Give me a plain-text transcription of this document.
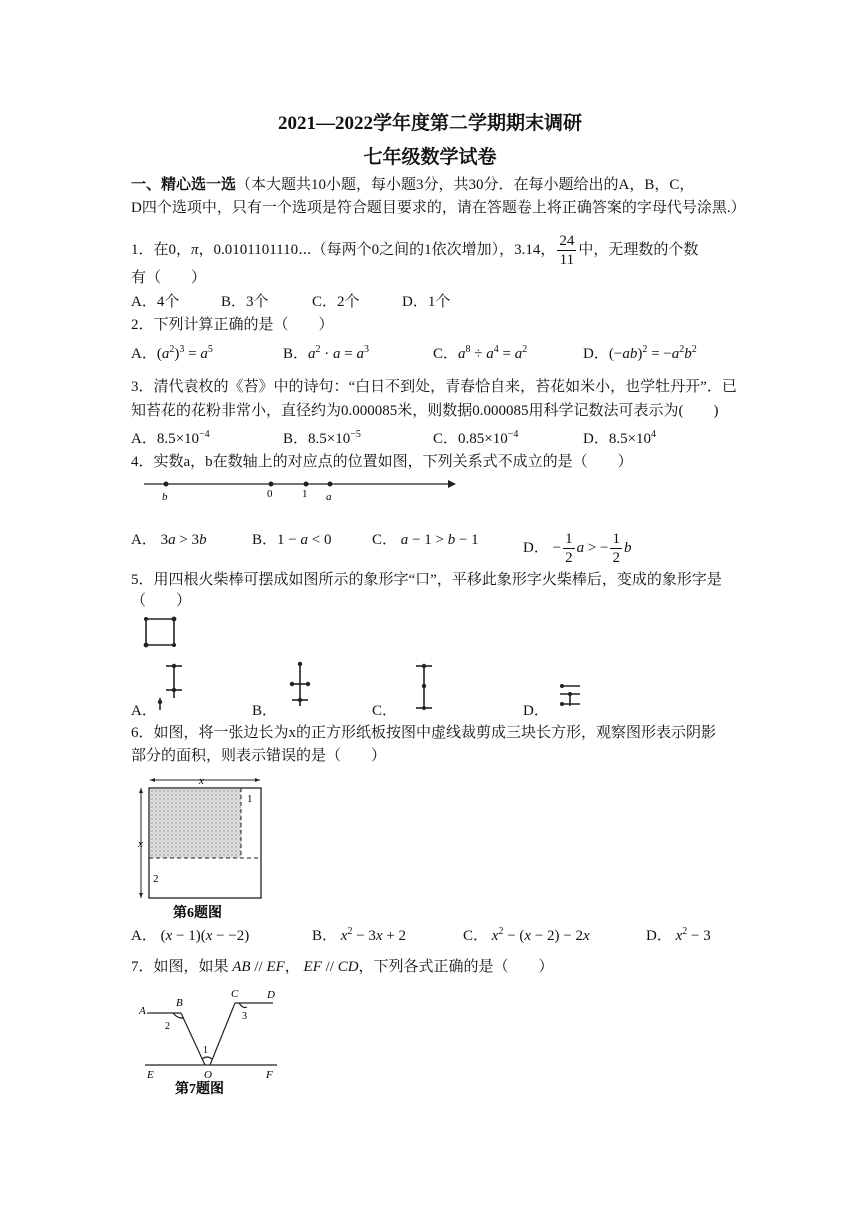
2021—2022学年度第二学期期末调研
七年级数学试卷
一、精心选一选（本大题共10小题，每小题3分，共30分．在每小题给出的A，B，C，
D四个选项中，只有一个选项是符合题目要求的，请在答题卷上将正确答案的字母代号涂黑.）
1．在0，π，0.0101101110⋯（每两个0之间的1依次增加），3.14， $\frac{24}{11}$ 中，无理数的个数
有（　　）
A．4个	B．3个	C．2个	D．1个
2．下列计算正确的是（　　）
A．$(a^2)^3 = a^5$	B．$a^2 \cdot a = a^3$	C．$a^8 \div a^4 = a^2$	D．$(-ab)^2 = -a^2b^2$
3．清代袁枚的《苔》中的诗句：“白日不到处，青春恰自来，苔花如米小，也学牡丹开”．已
知苔花的花粉非常小，直径约为0.000085米，则数据0.000085用科学记数法可表示为(　　)
A．$8.5\times 10^{-4}$	B．$8.5\times 10^{-5}$	C．$0.85\times 10^{-4}$	D．$8.5\times 10^4$
4．实数a，b在数轴上的对应点的位置如图，下列关系式不成立的是（　　）
b	0	1 a
A． 3a > 3b	B．1 − a < 0	C． a − 1 > b − 1	D． − $\frac{1}{2}$ a > − $\frac{1}{2}$ b
5．用四根火柴棒可摆成如图所示的象形字“口”，平移此象形字火柴棒后，变成的象形字是
（　　）
A．	B．	C．	D．
6．如图，将一张边长为x的正方形纸板按图中虚线裁剪成三块长方形，观察图形表示阴影
部分的面积，则表示错误的是（　　）
x
x
1
2
第6题图
A． (x − 1)(x − −2)	B． $x^2 - 3x + 2$	C． $x^2 - (x - 2) - 2x$	D． $x^2 - 3$
7．如图，如果 AB // EF， EF // CD，下列各式正确的是（　　）
A
B
C	D
E	O	F
1
2
3
第7题图
